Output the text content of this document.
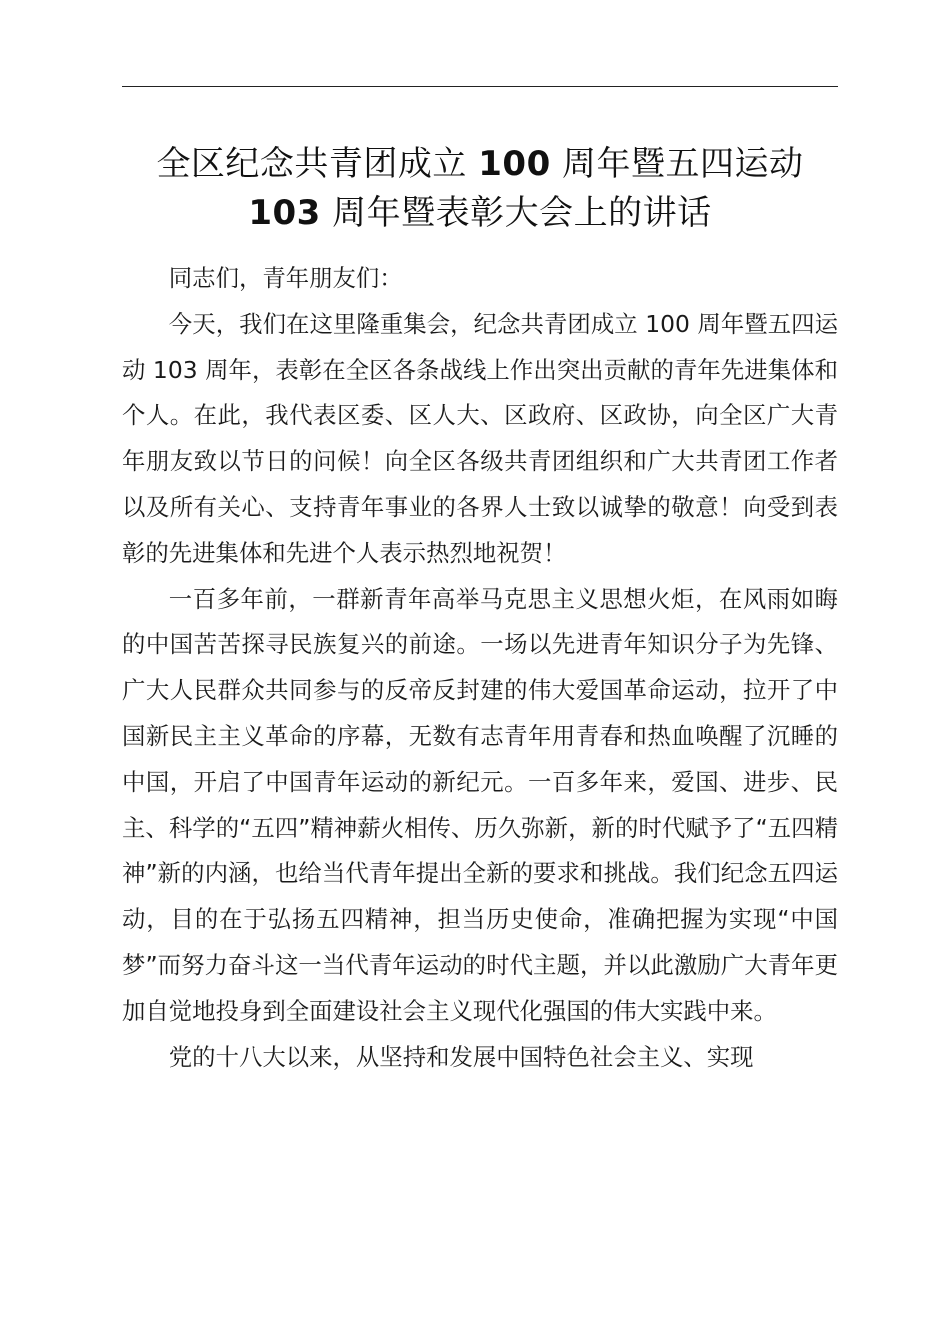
全区纪念共青团成立 100 周年暨五四运动
103 周年暨表彰大会上的讲话

同志们，青年朋友们：

今天，我们在这里隆重集会，纪念共青团成立 100 周年暨五四运动 103 周年，表彰在全区各条战线上作出突出贡献的青年先进集体和个人。在此，我代表区委、区人大、区政府、区政协，向全区广大青年朋友致以节日的问候！向全区各级共青团组织和广大共青团工作者以及所有关心、支持青年事业的各界人士致以诚挚的敬意！向受到表彰的先进集体和先进个人表示热烈地祝贺！

一百多年前，一群新青年高举马克思主义思想火炬，在风雨如晦的中国苦苦探寻民族复兴的前途。一场以先进青年知识分子为先锋、广大人民群众共同参与的反帝反封建的伟大爱国革命运动，拉开了中国新民主主义革命的序幕，无数有志青年用青春和热血唤醒了沉睡的中国，开启了中国青年运动的新纪元。一百多年来，爱国、进步、民主、科学的“五四”精神薪火相传、历久弥新，新的时代赋予了“五四精神”新的内涵，也给当代青年提出全新的要求和挑战。我们纪念五四运动，目的在于弘扬五四精神，担当历史使命，准确把握为实现“中国梦”而努力奋斗这一当代青年运动的时代主题，并以此激励广大青年更加自觉地投身到全面建设社会主义现代化强国的伟大实践中来。

党的十八大以来，从坚持和发展中国特色社会主义、实现
